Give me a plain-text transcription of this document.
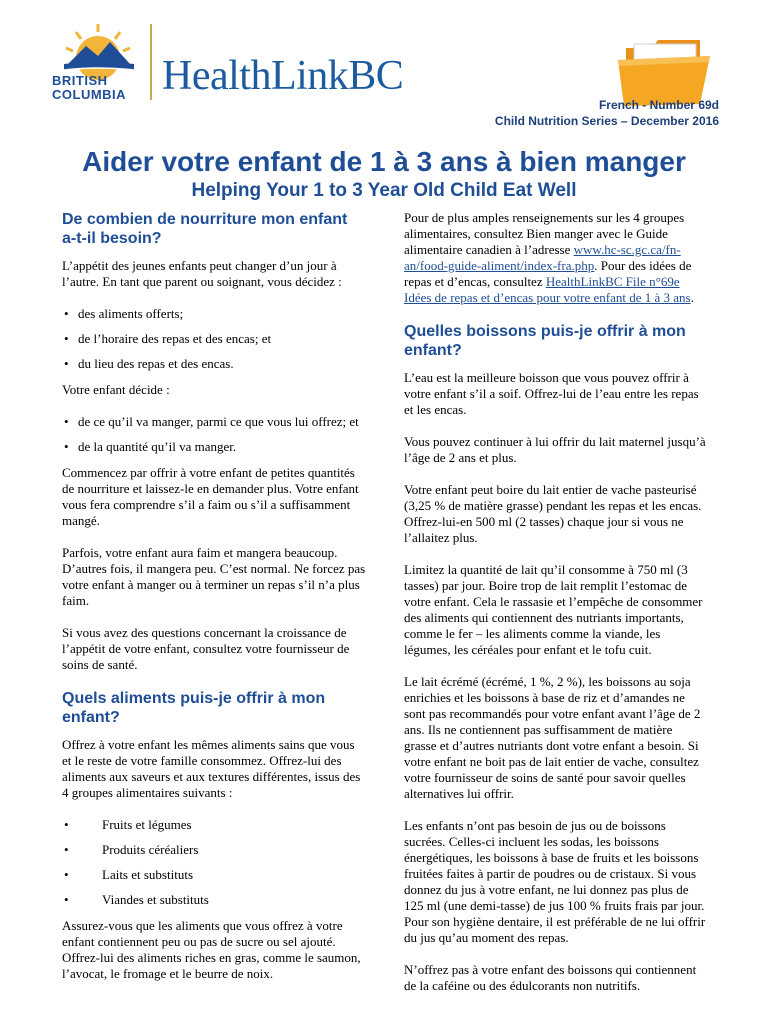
BRITISH
COLUMBIA HealthLinkBC
French - Number 69d
Child Nutrition Series – December 2016
Aider votre enfant de 1 à 3 ans à bien manger
Helping Your 1 to 3 Year Old Child Eat Well
De combien de nourriture mon enfant a-t-il besoin?

L’appétit des jeunes enfants peut changer d’un jour à l’autre. En tant que parent ou soignant, vous décidez :

• des aliments offerts;
• de l’horaire des repas et des encas; et
• du lieu des repas et des encas.

Votre enfant décide :

• de ce qu’il va manger, parmi ce que vous lui offrez; et
• de la quantité qu’il va manger.

Commencez par offrir à votre enfant de petites quantités de nourriture et laissez-le en demander plus. Votre enfant vous fera comprendre s’il a faim ou s’il a suffisamment mangé.

Parfois, votre enfant aura faim et mangera beaucoup. D’autres fois, il mangera peu. C’est normal. Ne forcez pas votre enfant à manger ou à terminer un repas s’il n’a plus faim.

Si vous avez des questions concernant la croissance de l’appétit de votre enfant, consultez votre fournisseur de soins de santé.

Quels aliments puis-je offrir à mon enfant?

Offrez à votre enfant les mêmes aliments sains que vous et le reste de votre famille consommez. Offrez-lui des aliments aux saveurs et aux textures différentes, issus des 4 groupes alimentaires suivants :

• Fruits et légumes
• Produits céréaliers
• Laits et substituts
• Viandes et substituts

Assurez-vous que les aliments que vous offrez à votre enfant contiennent peu ou pas de sucre ou sel ajouté. Offrez-lui des aliments riches en gras, comme le saumon, l’avocat, le fromage et le beurre de noix.

Pour de plus amples renseignements sur les 4 groupes alimentaires, consultez Bien manger avec le Guide alimentaire canadien à l’adresse www.hc-sc.gc.ca/fn-an/food-guide-aliment/index-fra.php. Pour des idées de repas et d’encas, consultez HealthLinkBC File n°69e Idées de repas et d’encas pour votre enfant de 1 à 3 ans.

Quelles boissons puis-je offrir à mon enfant?

L’eau est la meilleure boisson que vous pouvez offrir à votre enfant s’il a soif. Offrez-lui de l’eau entre les repas et les encas.

Vous pouvez continuer à lui offrir du lait maternel jusqu’à l’âge de 2 ans et plus.

Votre enfant peut boire du lait entier de vache pasteurisé (3,25 % de matière grasse) pendant les repas et les encas. Offrez-lui-en 500 ml (2 tasses) chaque jour si vous ne l’allaitez plus.

Limitez la quantité de lait qu’il consomme à 750 ml (3 tasses) par jour. Boire trop de lait remplit l’estomac de votre enfant. Cela le rassasie et l’empêche de consommer des aliments qui contiennent des nutriants importants, comme le fer – les aliments comme la viande, les légumes, les céréales pour enfant et le tofu cuit.

Le lait écrémé (écrémé, 1 %, 2 %), les boissons au soja enrichies et les boissons à base de riz et d’amandes ne sont pas recommandés pour votre enfant avant l’âge de 2 ans. Ils ne contiennent pas suffisamment de matière grasse et d’autres nutriants dont votre enfant a besoin. Si votre enfant ne boit pas de lait entier de vache, consultez votre fournisseur de soins de santé pour savoir quelles alternatives lui offrir.

Les enfants n’ont pas besoin de jus ou de boissons sucrées. Celles-ci incluent les sodas, les boissons énergétiques, les boissons à base de fruits et les boissons fruitées faites à partir de poudres ou de cristaux. Si vous donnez du jus à votre enfant, ne lui donnez pas plus de 125 ml (une demi-tasse) de jus 100 % fruits frais par jour. Pour son hygiène dentaire, il est préférable de ne lui offrir du jus qu’au moment des repas.

N’offrez pas à votre enfant des boissons qui contiennent de la caféine ou des édulcorants non nutritifs.
